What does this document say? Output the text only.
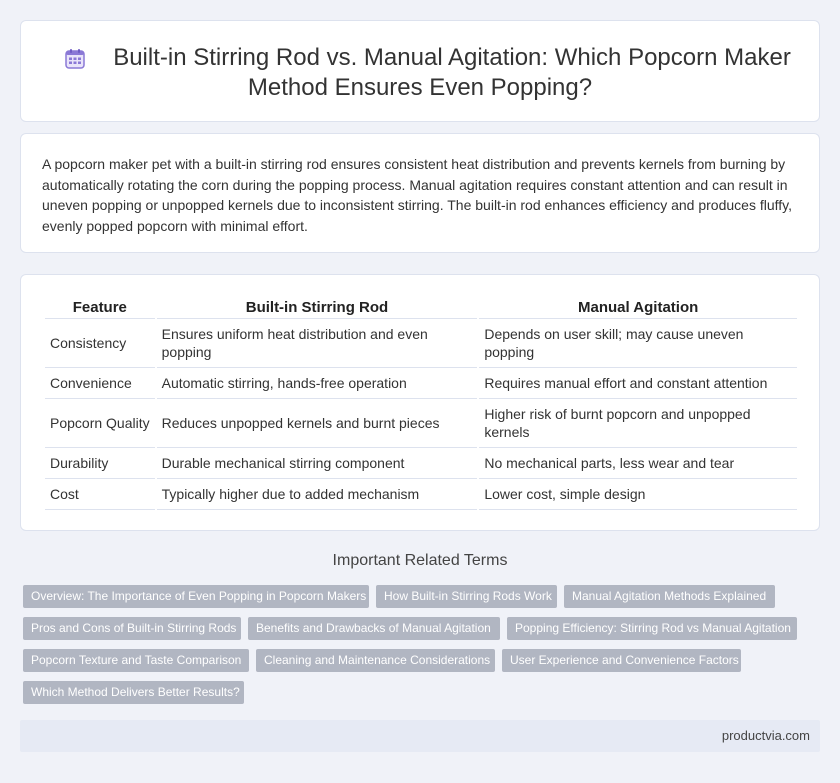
Built-in Stirring Rod vs. Manual Agitation: Which Popcorn Maker
Method Ensures Even Popping?
A popcorn maker pet with a built-in stirring rod ensures consistent heat distribution and prevents kernels from burning by automatically rotating the corn during the popping process. Manual agitation requires constant attention and can result in uneven popping or unpopped kernels due to inconsistent stirring. The built-in rod enhances efficiency and produces fluffy, evenly popped popcorn with minimal effort.
Feature	Built-in Stirring Rod	Manual Agitation
Consistency	Ensures uniform heat distribution and even popping	Depends on user skill; may cause uneven popping
Convenience	Automatic stirring, hands-free operation	Requires manual effort and constant attention
Popcorn Quality	Reduces unpopped kernels and burnt pieces	Higher risk of burnt popcorn and unpopped kernels
Durability	Durable mechanical stirring component	No mechanical parts, less wear and tear
Cost	Typically higher due to added mechanism	Lower cost, simple design
Important Related Terms
Overview: The Importance of Even Popping in Popcorn Makers	How Built-in Stirring Rods Work	Manual Agitation Methods Explained
Pros and Cons of Built-in Stirring Rods	Benefits and Drawbacks of Manual Agitation	Popping Efficiency: Stirring Rod vs Manual Agitation
Popcorn Texture and Taste Comparison	Cleaning and Maintenance Considerations	User Experience and Convenience Factors
Which Method Delivers Better Results?
productvia.com
